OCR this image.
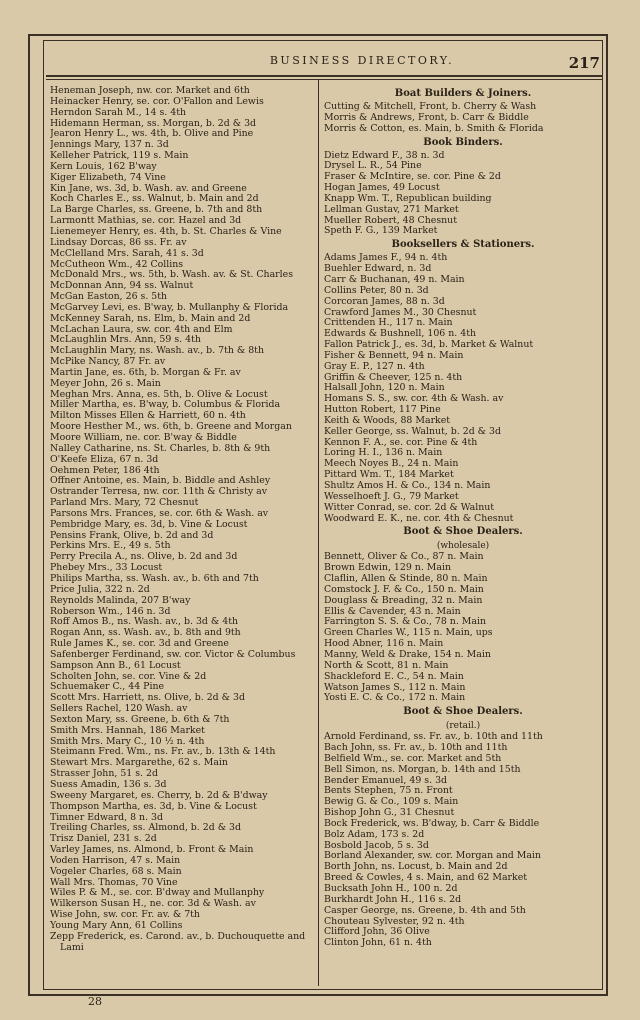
BUSINESS DIRECTORY.	217
Heneman Joseph, nw. cor. Market and 6th
Heinacker Henry, se. cor. O'Fallon and Lewis
Herndon Sarah M., 14 s. 4th
Hidemann Herman, ss. Morgan, b. 2d & 3d
Jearon Henry L., ws. 4th, b. Olive and Pine
Jennings Mary, 137 n. 3d
Kelleher Patrick, 119 s. Main
Kern Louis, 162 B'way
Kiger Elizabeth, 74 Vine
Kin Jane, ws. 3d, b. Wash. av. and Greene
Koch Charles E., ss. Walnut, b. Main and 2d
La Barge Charles, ss. Greene, b. 7th and 8th
Larmontt Mathias, se. cor. Hazel and 3d
Lienemeyer Henry, es. 4th, b. St. Charles & Vine
Lindsay Dorcas, 86 ss. Fr. av
McClelland Mrs. Sarah, 41 s. 3d
McCutheon Wm., 42 Collins
McDonald Mrs., ws. 5th, b. Wash. av. & St. Charles
McDonnan Ann, 94 ss. Walnut
McGan Easton, 26 s. 5th
McGarvey Levi, es. B'way, b. Mullanphy & Florida
McKenney Sarah, ns. Elm, b. Main and 2d
McLachan Laura, sw. cor. 4th and Elm
McLaughlin Mrs. Ann, 59 s. 4th
McLaughlin Mary, ns. Wash. av., b. 7th & 8th
McPike Nancy, 87 Fr. av
Martin Jane, es. 6th, b. Morgan & Fr. av
Meyer John, 26 s. Main
Meghan Mrs. Anna, es. 5th, b. Olive & Locust
Miller Martha, es. B'way, b. Columbus & Florida
Milton Misses Ellen & Harriett, 60 n. 4th
Moore Hesther M., ws. 6th, b. Greene and Morgan
Moore William, ne. cor. B'way & Biddle
Nalley Catharine, ns. St. Charles, b. 8th & 9th
O'Keefe Eliza, 67 n. 3d
Oehmen Peter, 186 4th
Offner Antoine, es. Main, b. Biddle and Ashley
Ostrander Terresa, nw. cor. 11th & Christy av
Parland Mrs. Mary, 72 Chesnut
Parsons Mrs. Frances, se. cor. 6th & Wash. av
Pembridge Mary, es. 3d, b. Vine & Locust
Pensins Frank, Olive, b. 2d and 3d
Perkins Mrs. E., 49 s. 5th
Perry Precila A., ns. Olive, b. 2d and 3d
Phebey Mrs., 33 Locust
Philips Martha, ss. Wash. av., b. 6th and 7th
Price Julia, 322 n. 2d
Reynolds Malinda, 207 B'way
Roberson Wm., 146 n. 3d
Roff Amos B., ns. Wash. av., b. 3d & 4th
Rogan Ann, ss. Wash. av., b. 8th and 9th
Rule James K., se. cor. 3d and Greene
Safenberger Ferdinand, sw. cor. Victor & Columbus
Sampson Ann B., 61 Locust
Scholten John, se. cor. Vine & 2d
Schuemaker C., 44 Pine
Scott Mrs. Harriett, ns. Olive, b. 2d & 3d
Sellers Rachel, 120 Wash. av
Sexton Mary, ss. Greene, b. 6th & 7th
Smith Mrs. Hannah, 186 Market
Smith Mrs. Mary C., 10 ½ n. 4th
Steimann Fred. Wm., ns. Fr. av., b. 13th & 14th
Stewart Mrs. Margarethe, 62 s. Main
Strasser John, 51 s. 2d
Suess Amadin, 136 s. 3d
Sweeny Margaret, es. Cherry, b. 2d & B'dway
Thompson Martha, es. 3d, b. Vine & Locust
Timner Edward, 8 n. 3d
Treiling Charles, ss. Almond, b. 2d & 3d
Trisz Daniel, 231 s. 2d
Varley James, ns. Almond, b. Front & Main
Voden Harrison, 47 s. Main
Vogeler Charles, 68 s. Main
Wall Mrs. Thomas, 70 Vine
Wiles P. & M., se. cor. B'dway and Mullanphy
Wilkerson Susan H., ne. cor. 3d & Wash. av
Wise John, sw. cor. Fr. av. & 7th
Young Mary Ann, 61 Collins
Zepp Frederick, es. Carond. av., b. Duchouquette and
Lami
Boat Builders & Joiners.
Cutting & Mitchell, Front, b. Cherry & Wash
Morris & Andrews, Front, b. Carr & Biddle
Morris & Cotton, es. Main, b. Smith & Florida
Book Binders.
Dietz Edward F., 38 n. 3d
Drysel L. R., 54 Pine
Fraser & McIntire, se. cor. Pine & 2d
Hogan James, 49 Locust
Knapp Wm. T., Republican building
Lellman Gustav, 271 Market
Mueller Robert, 48 Chesnut
Speth F. G., 139 Market
Booksellers & Stationers.
Adams James F., 94 n. 4th
Buehler Edward, n. 3d
Carr & Buchanan, 49 n. Main
Collins Peter, 80 n. 3d
Corcoran James, 88 n. 3d
Crawford James M., 30 Chesnut
Crittenden H., 117 n. Main
Edwards & Bushnell, 106 n. 4th
Fallon Patrick J., es. 3d, b. Market & Walnut
Fisher & Bennett, 94 n. Main
Gray E. P., 127 n. 4th
Griffin & Cheever, 125 n. 4th
Halsall John, 120 n. Main
Homans S. S., sw. cor. 4th & Wash. av
Hutton Robert, 117 Pine
Keith & Woods, 88 Market
Keller George, ss. Walnut, b. 2d & 3d
Kennon F. A., se. cor. Pine & 4th
Loring H. I., 136 n. Main
Meech Noyes B., 24 n. Main
Pittard Wm. T., 184 Market
Shultz Amos H. & Co., 134 n. Main
Wesselhoeft J. G., 79 Market
Witter Conrad, se. cor. 2d & Walnut
Woodward E. K., ne. cor. 4th & Chesnut
Boot & Shoe Dealers.
(wholesale)
Bennett, Oliver & Co., 87 n. Main
Brown Edwin, 129 n. Main
Claflin, Allen & Stinde, 80 n. Main
Comstock J. F. & Co., 150 n. Main
Douglass & Breading, 32 n. Main
Ellis & Cavender, 43 n. Main
Farrington S. S. & Co., 78 n. Main
Green Charles W., 115 n. Main, ups
Hood Abner, 116 n. Main
Manny, Weld & Drake, 154 n. Main
North & Scott, 81 n. Main
Shackleford E. C., 54 n. Main
Watson James S., 112 n. Main
Yosti E. C. & Co., 172 n. Main
Boot & Shoe Dealers.
(retail.)
Arnold Ferdinand, ss. Fr. av., b. 10th and 11th
Bach John, ss. Fr. av., b. 10th and 11th
Belfield Wm., se. cor. Market and 5th
Bell Simon, ns. Morgan, b. 14th and 15th
Bender Emanuel, 49 s. 3d
Bents Stephen, 75 n. Front
Bewig G. & Co., 109 s. Main
Bishop John G., 31 Chesnut
Bock Frederick, ws. B'dway, b. Carr & Biddle
Bolz Adam, 173 s. 2d
Bosbold Jacob, 5 s. 3d
Borland Alexander, sw. cor. Morgan and Main
Borth John, ns. Locust, b. Main and 2d
Breed & Cowles, 4 s. Main, and 62 Market
Bucksath John H., 100 n. 2d
Burkhardt John H., 116 s. 2d
Casper George, ns. Greene, b. 4th and 5th
Chouteau Sylvester, 92 n. 4th
Clifford John, 36 Olive
Clinton John, 61 n. 4th
28
